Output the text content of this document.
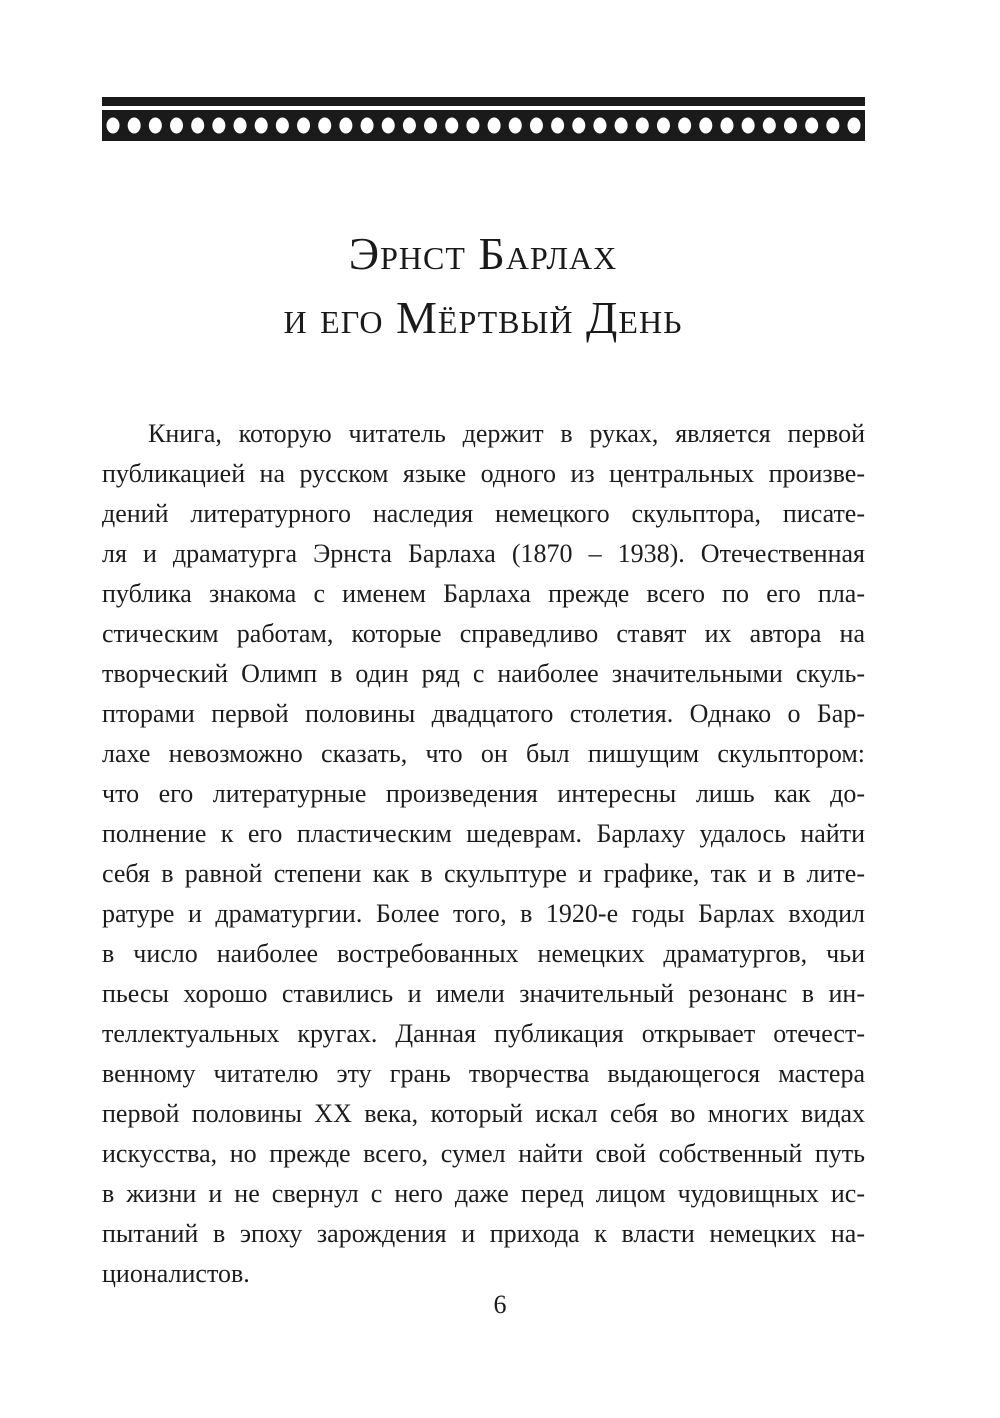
Эрнст Барлах
и его Мёртвый День
Книга, которую читатель держит в руках, является первой
публикацией на русском языке одного из центральных произве-
дений литературного наследия немецкого скульптора, писате-
ля и драматурга Эрнста Барлаха (1870 – 1938). Отечественная
публика знакома с именем Барлаха прежде всего по его пла-
стическим работам, которые справедливо ставят их автора на
творческий Олимп в один ряд с наиболее значительными скуль-
пторами первой половины двадцатого столетия. Однако о Бар-
лахе невозможно сказать, что он был пишущим скульптором:
что его литературные произведения интересны лишь как до-
полнение к его пластическим шедеврам. Барлаху удалось найти
себя в равной степени как в скульптуре и графике, так и в лите-
ратуре и драматургии. Более того, в 1920-е годы Барлах входил
в число наиболее востребованных немецких драматургов, чьи
пьесы хорошо ставились и имели значительный резонанс в ин-
теллектуальных кругах. Данная публикация открывает отечест-
венному читателю эту грань творчества выдающегося мастера
первой половины XX века, который искал себя во многих видах
искусства, но прежде всего, сумел найти свой собственный путь
в жизни и не свернул с него даже перед лицом чудовищных ис-
пытаний в эпоху зарождения и прихода к власти немецких на-
ционалистов.
6
